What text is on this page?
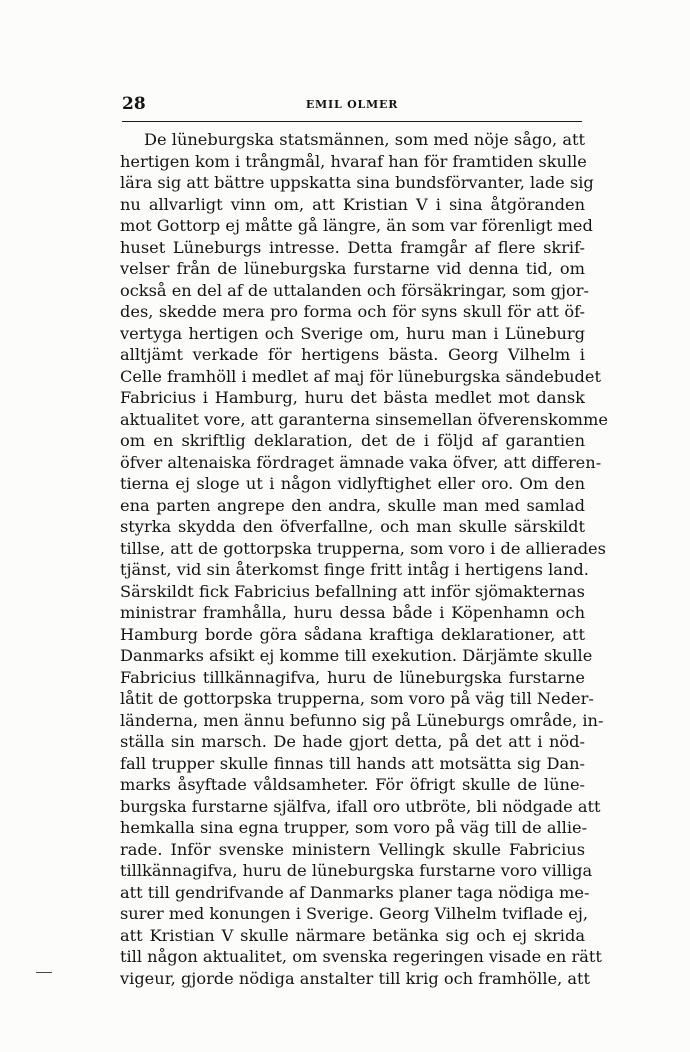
28	EMIL OLMER
De lüneburgska statsmännen, som med nöje sågo, att
hertigen kom i trångmål, hvaraf han för framtiden skulle
lära sig att bättre uppskatta sina bundsförvanter, lade sig
nu allvarligt vinn om, att Kristian V i sina åtgöranden
mot Gottorp ej måtte gå längre, än som var förenligt med
huset Lüneburgs intresse. Detta framgår af flere skrif-
velser från de lüneburgska furstarne vid denna tid, om
också en del af de uttalanden och försäkringar, som gjor-
des, skedde mera pro forma och för syns skull för att öf-
vertyga hertigen och Sverige om, huru man i Lüneburg
alltjämt verkade för hertigens bästa. Georg Vilhelm i
Celle framhöll i medlet af maj för lüneburgska sändebudet
Fabricius i Hamburg, huru det bästa medlet mot dansk
aktualitet vore, att garanterna sinsemellan öfverenskomme
om en skriftlig deklaration, det de i följd af garantien
öfver altenaiska fördraget ämnade vaka öfver, att differen-
tierna ej sloge ut i någon vidlyftighet eller oro. Om den
ena parten angrepe den andra, skulle man med samlad
styrka skydda den öfverfallne, och man skulle särskildt
tillse, att de gottorpska trupperna, som voro i de allierades
tjänst, vid sin återkomst finge fritt intåg i hertigens land.
Särskildt fick Fabricius befallning att inför sjömakternas
ministrar framhålla, huru dessa både i Köpenhamn och
Hamburg borde göra sådana kraftiga deklarationer, att
Danmarks afsikt ej komme till exekution. Därjämte skulle
Fabricius tillkännagifva, huru de lüneburgska furstarne
låtit de gottorpska trupperna, som voro på väg till Neder-
länderna, men ännu befunno sig på Lüneburgs område, in-
ställa sin marsch. De hade gjort detta, på det att i nöd-
fall trupper skulle finnas till hands att motsätta sig Dan-
marks åsyftade våldsamheter. För öfrigt skulle de lüne-
burgska furstarne själfva, ifall oro utbröte, bli nödgade att
hemkalla sina egna trupper, som voro på väg till de allie-
rade. Inför svenske ministern Vellingk skulle Fabricius
tillkännagifva, huru de lüneburgska furstarne voro villiga
att till gendrifvande af Danmarks planer taga nödiga me-
surer med konungen i Sverige. Georg Vilhelm tviflade ej,
att Kristian V skulle närmare betänka sig och ej skrida
till någon aktualitet, om svenska regeringen visade en rätt
vigeur, gjorde nödiga anstalter till krig och framhölle, att
